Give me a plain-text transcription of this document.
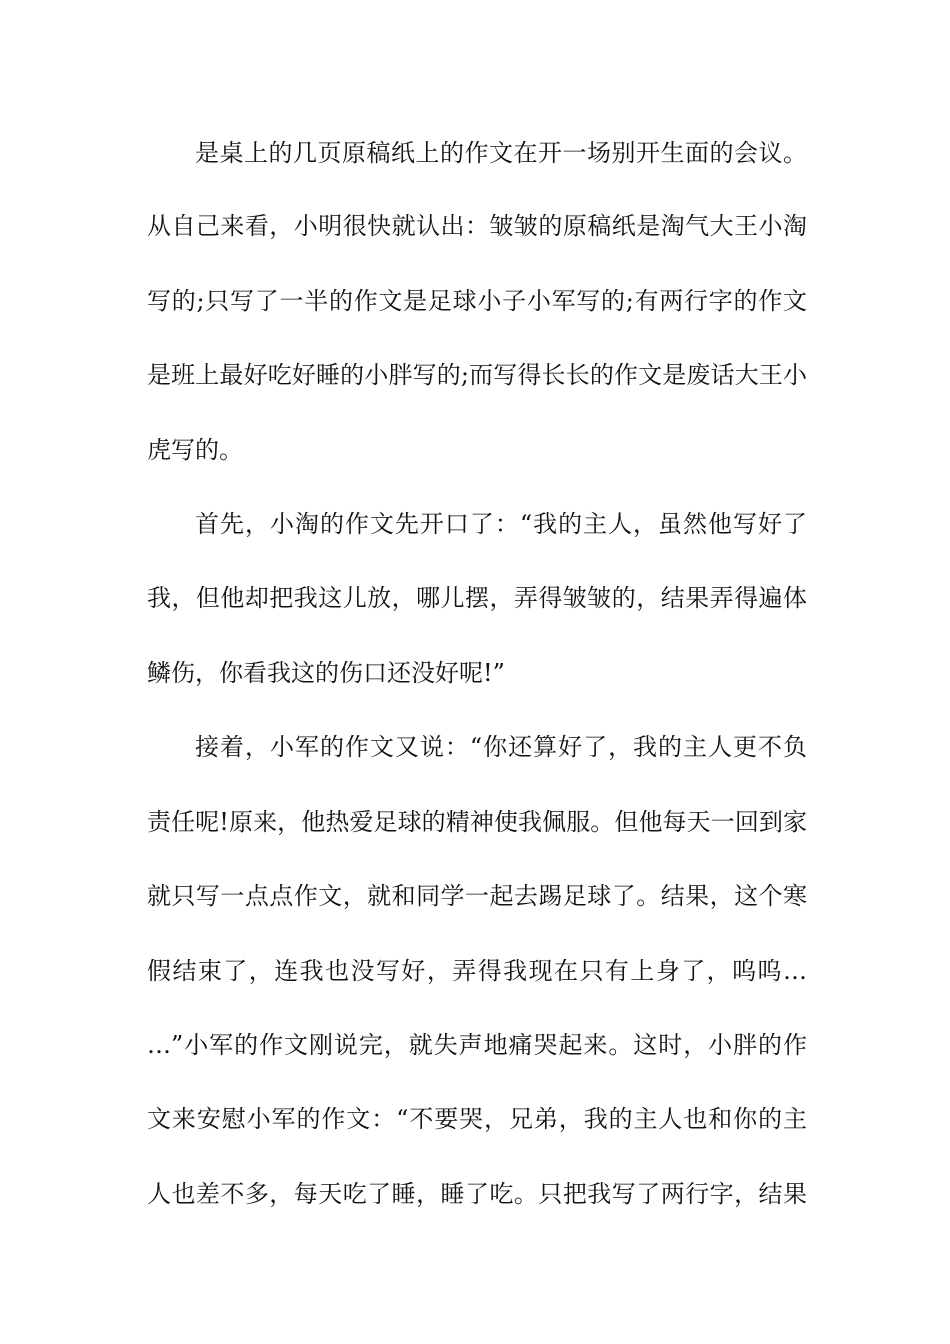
是桌上的几页原稿纸上的作文在开一场别开生面的会议。
从自己来看，小明很快就认出：皱皱的原稿纸是淘气大王小淘
写的;只写了一半的作文是足球小子小军写的;有两行字的作文
是班上最好吃好睡的小胖写的;而写得长长的作文是废话大王小
虎写的。
首先，小淘的作文先开口了：“我的主人，虽然他写好了
我，但他却把我这儿放，哪儿摆，弄得皱皱的，结果弄得遍体
鳞伤，你看我这的伤口还没好呢!”
接着，小军的作文又说：“你还算好了，我的主人更不负
责任呢!原来，他热爱足球的精神使我佩服。但他每天一回到家
就只写一点点作文，就和同学一起去踢足球了。结果，这个寒
假结束了，连我也没写好，弄得我现在只有上身了，呜呜…
…”小军的作文刚说完，就失声地痛哭起来。这时，小胖的作
文来安慰小军的作文：“不要哭，兄弟，我的主人也和你的主
人也差不多，每天吃了睡，睡了吃。只把我写了两行字，结果
